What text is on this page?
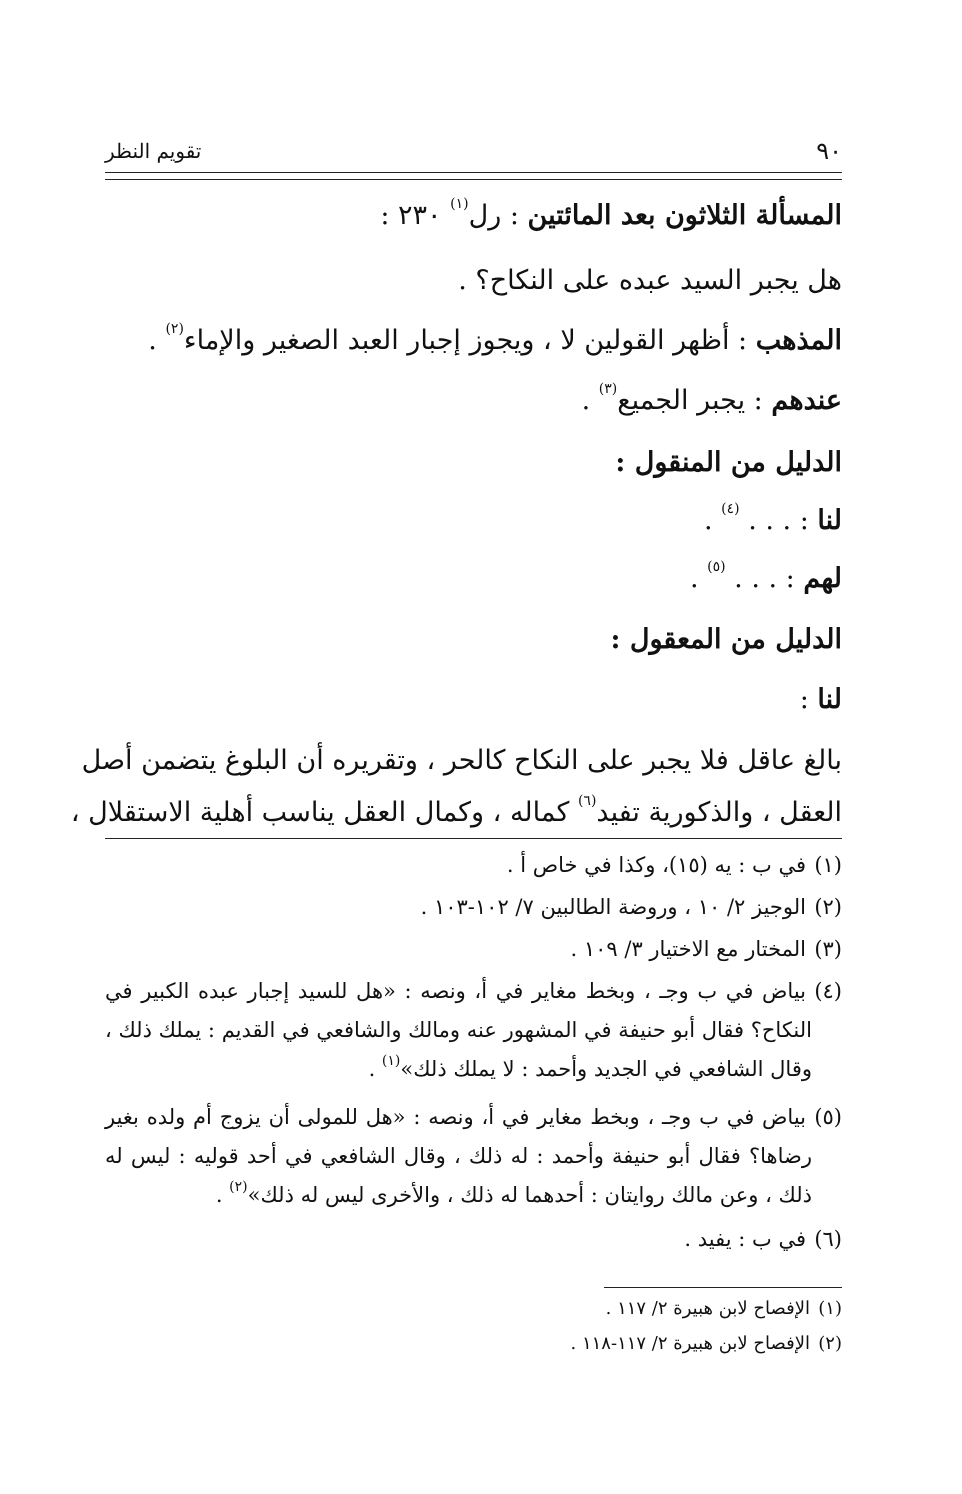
٩٠
تقويم النظر
المسألة الثلاثون بعد المائتين : رل$^{(١)}$ ٢٣٠ :
هل يجبر السيد عبده على النكاح؟ .
المذهب : أظهر القولين لا ، ويجوز إجبار العبد الصغير والإماء$^{(٢)}$ .
عندهم : يجبر الجميع$^{(٣)}$ .
الدليل من المنقول :
لنا : . . . $^{(٤)}$ .
لهم : . . . $^{(٥)}$ .
الدليل من المعقول :
لنا :
بالغ عاقل فلا يجبر على النكاح كالحر ، وتقريره أن البلوغ يتضمن أصل
العقل ، والذكورية تفيد$^{(٦)}$ كماله ، وكمال العقل يناسب أهلية الاستقلال ،
(١)في ب : يه (١٥)، وكذا في خاص أ .
(٢)الوجيز ٢/ ١٠ ، وروضة الطالبين ٧/ ١٠٢-١٠٣ .
(٣)المختار مع الاختيار ٣/ ١٠٩ .
(٤)بياض في ب وجـ ، وبخط مغاير في أ، ونصه : «هل للسيد إجبار عبده الكبير في
النكاح؟ فقال أبو حنيفة في المشهور عنه ومالك والشافعي في القديم : يملك ذلك ،
وقال الشافعي في الجديد وأحمد : لا يملك ذلك»$^{(١)}$ .
(٥)بياض في ب وجـ ، وبخط مغاير في أ، ونصه : «هل للمولى أن يزوج أم ولده بغير
رضاها؟ فقال أبو حنيفة وأحمد : له ذلك ، وقال الشافعي في أحد قوليه : ليس له
ذلك ، وعن مالك روايتان : أحدهما له ذلك ، والأخرى ليس له ذلك»$^{(٢)}$ .
(٦)في ب : يفيد .
(١)الإفصاح لابن هبيرة ٢/ ١١٧ .
(٢)الإفصاح لابن هبيرة ٢/ ١١٧-١١٨ .
